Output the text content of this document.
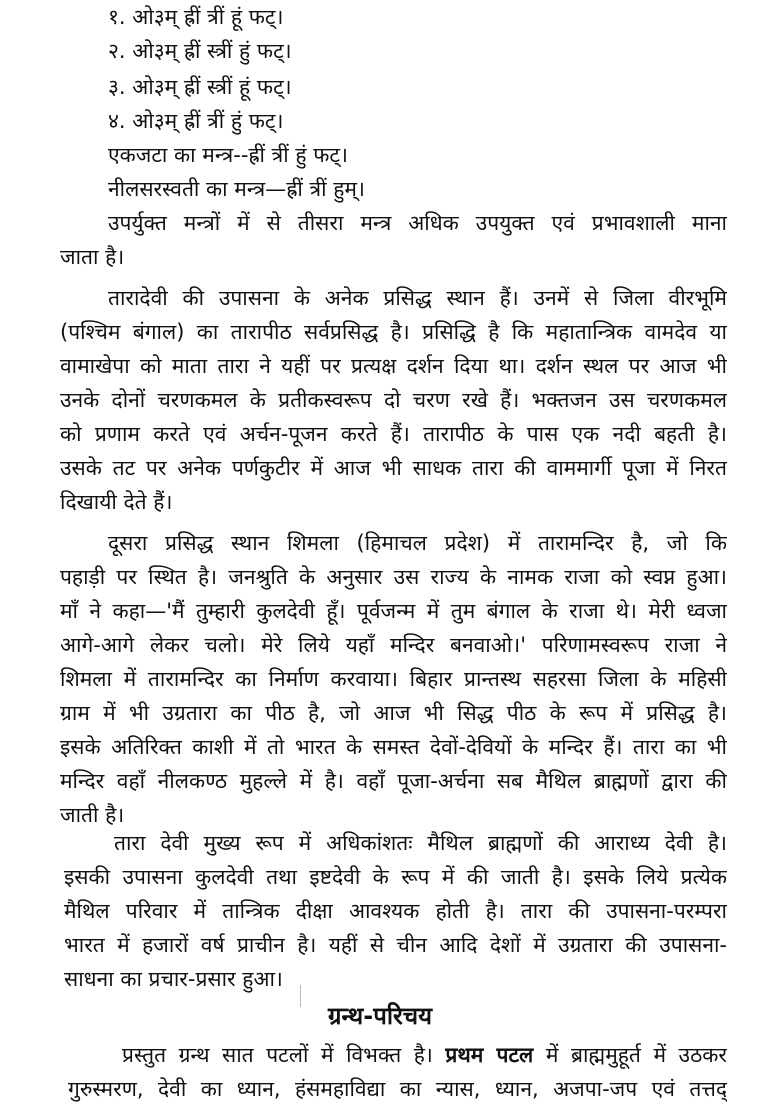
१. ओ३म् ह्रीं त्रीं हूं फट्।
२. ओ३म् ह्रीं स्त्रीं हुं फट्।
३. ओ३म् ह्रीं स्त्रीं हूं फट्।
४. ओ३म् ह्रीं त्रीं हुं फट्।
एकजटा का मन्त्र--ह्रीं त्रीं हुं फट्।
नीलसरस्वती का मन्त्र—ह्रीं त्रीं हुम्।
उपर्युक्त मन्त्रों में से तीसरा मन्त्र अधिक उपयुक्त एवं प्रभावशाली माना
जाता है।
तारादेवी की उपासना के अनेक प्रसिद्ध स्थान हैं। उनमें से जिला वीरभूमि
(पश्चिम बंगाल) का तारापीठ सर्वप्रसिद्ध है। प्रसिद्धि है कि महातान्त्रिक वामदेव या
वामाखेपा को माता तारा ने यहीं पर प्रत्यक्ष दर्शन दिया था। दर्शन स्थल पर आज भी
उनके दोनों चरणकमल के प्रतीकस्वरूप दो चरण रखे हैं। भक्तजन उस चरणकमल
को प्रणाम करते एवं अर्चन-पूजन करते हैं। तारापीठ के पास एक नदी बहती है।
उसके तट पर अनेक पर्णकुटीर में आज भी साधक तारा की वाममार्गी पूजा में निरत
दिखायी देते हैं।
दूसरा प्रसिद्ध स्थान शिमला (हिमाचल प्रदेश) में तारामन्दिर है, जो कि
पहाड़ी पर स्थित है। जनश्रुति के अनुसार उस राज्य के नामक राजा को स्वप्न हुआ।
माँ ने कहा—'मैं तुम्हारी कुलदेवी हूँ। पूर्वजन्म में तुम बंगाल के राजा थे। मेरी ध्वजा
आगे-आगे लेकर चलो। मेरे लिये यहाँ मन्दिर बनवाओ।' परिणामस्वरूप राजा ने
शिमला में तारामन्दिर का निर्माण करवाया। बिहार प्रान्तस्थ सहरसा जिला के महिसी
ग्राम में भी उग्रतारा का पीठ है, जो आज भी सिद्ध पीठ के रूप में प्रसिद्ध है।
इसके अतिरिक्त काशी में तो भारत के समस्त देवों-देवियों के मन्दिर हैं। तारा का भी
मन्दिर वहाँ नीलकण्ठ मुहल्ले में है। वहाँ पूजा-अर्चना सब मैथिल ब्राह्मणों द्वारा की
जाती है।
तारा देवी मुख्य रूप में अधिकांशतः मैथिल ब्राह्मणों की आराध्य देवी है।
इसकी उपासना कुलदेवी तथा इष्टदेवी के रूप में की जाती है। इसके लिये प्रत्येक
मैथिल परिवार में तान्त्रिक दीक्षा आवश्यक होती है। तारा की उपासना-परम्परा
भारत में हजारों वर्ष प्राचीन है। यहीं से चीन आदि देशों में उग्रतारा की उपासना-
साधना का प्रचार-प्रसार हुआ।
ग्रन्थ-परिचय
प्रस्तुत ग्रन्थ सात पटलों में विभक्त है। प्रथम पटल में ब्राह्ममुहूर्त में उठकर
गुरुस्मरण, देवी का ध्यान, हंसमहाविद्या का न्यास, ध्यान, अजपा-जप एवं तत्तद्
